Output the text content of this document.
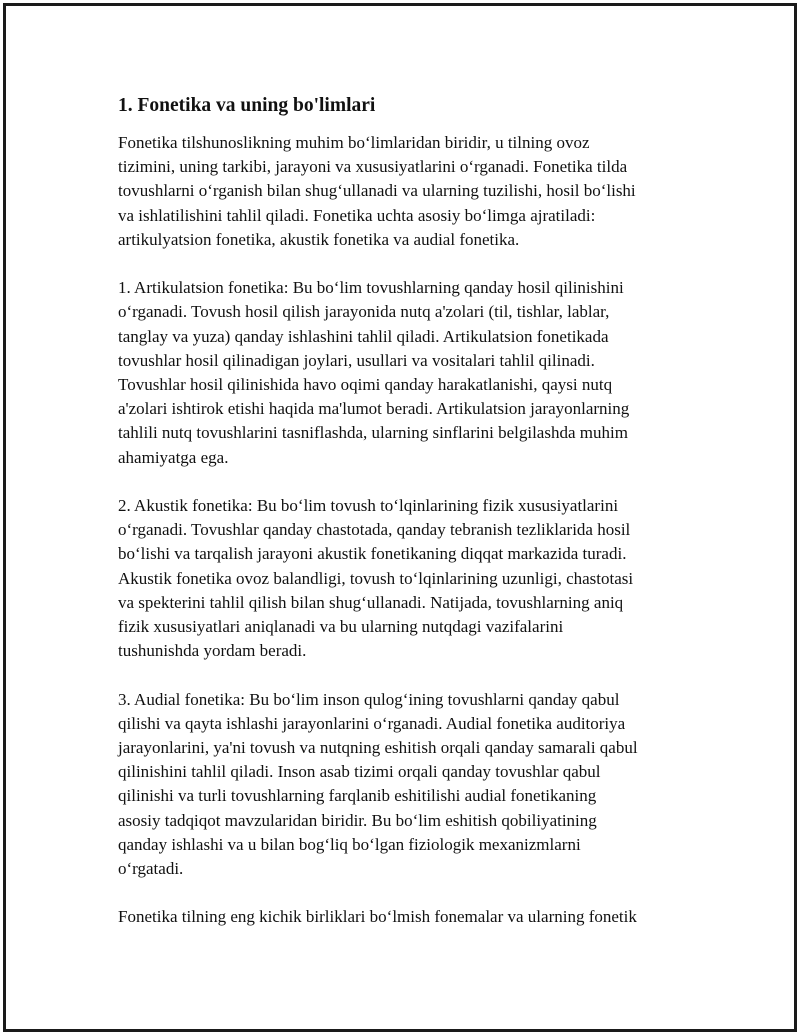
1. Fonetika va uning bo'limlari
Fonetika tilshunoslikning muhim bo‘limlaridan biridir, u tilning ovoz
tizimini, uning tarkibi, jarayoni va xususiyatlarini o‘rganadi. Fonetika tilda
tovushlarni o‘rganish bilan shug‘ullanadi va ularning tuzilishi, hosil bo‘lishi
va ishlatilishini tahlil qiladi. Fonetika uchta asosiy bo‘limga ajratiladi:
artikulyatsion fonetika, akustik fonetika va audial fonetika.
1. Artikulatsion fonetika: Bu bo‘lim tovushlarning qanday hosil qilinishini
o‘rganadi. Tovush hosil qilish jarayonida nutq a'zolari (til, tishlar, lablar,
tanglay va yuza) qanday ishlashini tahlil qiladi. Artikulatsion fonetikada
tovushlar hosil qilinadigan joylari, usullari va vositalari tahlil qilinadi.
Tovushlar hosil qilinishida havo oqimi qanday harakatlanishi, qaysi nutq
a'zolari ishtirok etishi haqida ma'lumot beradi. Artikulatsion jarayonlarning
tahlili nutq tovushlarini tasniflashda, ularning sinflarini belgilashda muhim
ahamiyatga ega.
2. Akustik fonetika: Bu bo‘lim tovush to‘lqinlarining fizik xususiyatlarini
o‘rganadi. Tovushlar qanday chastotada, qanday tebranish tezliklarida hosil
bo‘lishi va tarqalish jarayoni akustik fonetikaning diqqat markazida turadi.
Akustik fonetika ovoz balandligi, tovush to‘lqinlarining uzunligi, chastotasi
va spekterini tahlil qilish bilan shug‘ullanadi. Natijada, tovushlarning aniq
fizik xususiyatlari aniqlanadi va bu ularning nutqdagi vazifalarini
tushunishda yordam beradi.
3. Audial fonetika: Bu bo‘lim inson qulog‘ining tovushlarni qanday qabul
qilishi va qayta ishlashi jarayonlarini o‘rganadi. Audial fonetika auditoriya
jarayonlarini, ya'ni tovush va nutqning eshitish orqali qanday samarali qabul
qilinishini tahlil qiladi. Inson asab tizimi orqali qanday tovushlar qabul
qilinishi va turli tovushlarning farqlanib eshitilishi audial fonetikaning
asosiy tadqiqot mavzularidan biridir. Bu bo‘lim eshitish qobiliyatining
qanday ishlashi va u bilan bog‘liq bo‘lgan fiziologik mexanizmlarni
o‘rgatadi.
Fonetika tilning eng kichik birliklari bo‘lmish fonemalar va ularning fonetik
